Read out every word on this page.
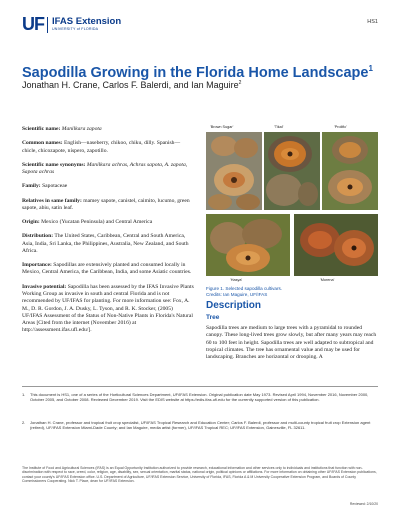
UF IFAS Extension
UNIVERSITY of FLORIDA
HS1
Sapodilla Growing in the Florida Home Landscape$^1$
Jonathan H. Crane, Carlos F. Balerdi, and Ian Maguire$^2$

Scientific name: Manilkara zapota

Common names: English—naseberry, chikoo, chiku, dilly. Spanish—chicle, chicozapote, níspero, zapotillo.

Scientific name synonyms: Manilkara achras, Achras sapota, A. zapota, Sapota achras

Family: Sapotaceae

Relatives in same family: mamey sapote, canistel, caimito, lucumo, green sapote, abiu, satin leaf.

Origin: Mexico (Yucatan Peninsula) and Central America

Distribution: The United States, Caribbean, Central and South America, Asia, India, Sri Lanka, the Philippines, Australia, New Zealand, and South Africa.

Importance: Sapodillas are extensively planted and consumed locally in Mexico, Central America, the Caribbean, India, and some Asiatic countries.

Invasive potential: Sapodilla has been assessed by the IFAS Invasive Plants Working Group as invasive in south and central Florida and is not recommended by UF/IFAS for planting. For more information see: Fox, A. M., D. R. Gordon, J. A. Dusky, L. Tyson, and R. K. Stocker, (2005) UF/IFAS Assessment of the Status of Non-Native Plants in Florida's Natural Areas [Cited from the internet (November 2016) at http://assessment.ifas.ufl.edu/].

'Brown Sugar'	'Tikal'	'Prolific'
'Hasya'	'Morena'
Figure 1. Selected sapodilla cultivars.
Credits: Ian Maguire, UF/IFAS
Description
Tree
Sapodilla trees are medium to large trees with a pyramidal to rounded canopy. These long-lived trees grow slowly, but after many years may reach 60 to 100 feet in height. Sapodilla trees are well adapted to subtropical and tropical climates. The tree has ornamental value and may be used for landscaping. Branches are horizontal or drooping. A
1. This document is HS1, one of a series of the Horticultural Sciences Department, UF/IFAS Extension. Original publication date May 1973. Revised April 1994, November 2016, November 2000, October 2005, and October 2008. Reviewed December 2019. Visit the EDIS website at https://edis.ifas.ufl.edu for the currently supported version of this publication.
2. Jonathan H. Crane, professor and tropical fruit crop specialist, UF/IFAS Tropical Research and Education Center; Carlos F. Balerdi, professor and multi-county tropical fruit crop Extension agent (retired), UF/IFAS Extension Miami-Dade County; and Ian Maguire, media artist (former), UF/IFAS Tropical REC; UF/IFAS Extension, Gainesville, FL 32611.
The Institute of Food and Agricultural Sciences (IFAS) is an Equal Opportunity Institution authorized to provide research, educational information and other services only to individuals and institutions that function with non-discrimination with respect to race, creed, color, religion, age, disability, sex, sexual orientation, marital status, national origin, political opinions or affiliations. For more information on obtaining other UF/IFAS Extension publications, contact your county's UF/IFAS Extension office. U.S. Department of Agriculture, UF/IFAS Extension Service, University of Florida, IFAS, Florida A & M University Cooperative Extension Program, and Boards of County Commissioners Cooperating. Nick T. Place, dean for UF/IFAS Extension.
Reviewed: 2/10/20
